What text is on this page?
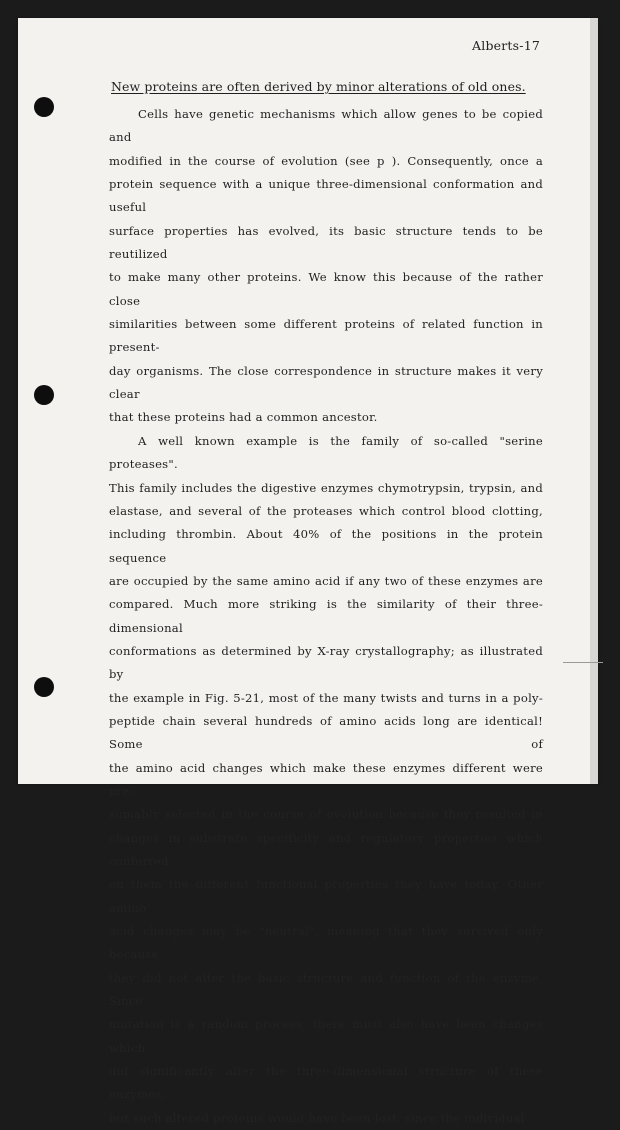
Alberts-17
New proteins are often derived by minor alterations of old ones.

Cells have genetic mechanisms which allow genes to be copied and

modified in the course of evolution (see p ). Consequently, once a

protein sequence with a unique three-dimensional conformation and useful

surface properties has evolved, its basic structure tends to be reutilized

to make many other proteins. We know this because of the rather close

similarities between some different proteins of related function in present-

day organisms. The close correspondence in structure makes it very clear

that these proteins had a common ancestor.

A well known example is the family of so-called "serine proteases".

This family includes the digestive enzymes chymotrypsin, trypsin, and

elastase, and several of the proteases which control blood clotting,

including thrombin. About 40% of the positions in the protein sequence

are occupied by the same amino acid if any two of these enzymes are

compared. Much more striking is the similarity of their three-dimensional

conformations as determined by X-ray crystallography; as illustrated by

the example in Fig. 5-21, most of the many twists and turns in a poly-

peptide chain several hundreds of amino acids long are identical! Some of

the amino acid changes which make these enzymes different were pre-

sumably selected in the course of evolution because they resulted in

changes in substrate specificity and regulatory properties which conferred

on them the different functional properties they have today. Other amino

acid changes may be "neutral", meaning that they survived only because

they did not alter the basic structure and function of the enzyme. Since

mutation is a random process, there must also have been changes which

did significantly alter the three-dimensional structure of these enzymes;

but such altered proteins would have been lost, since the individual
